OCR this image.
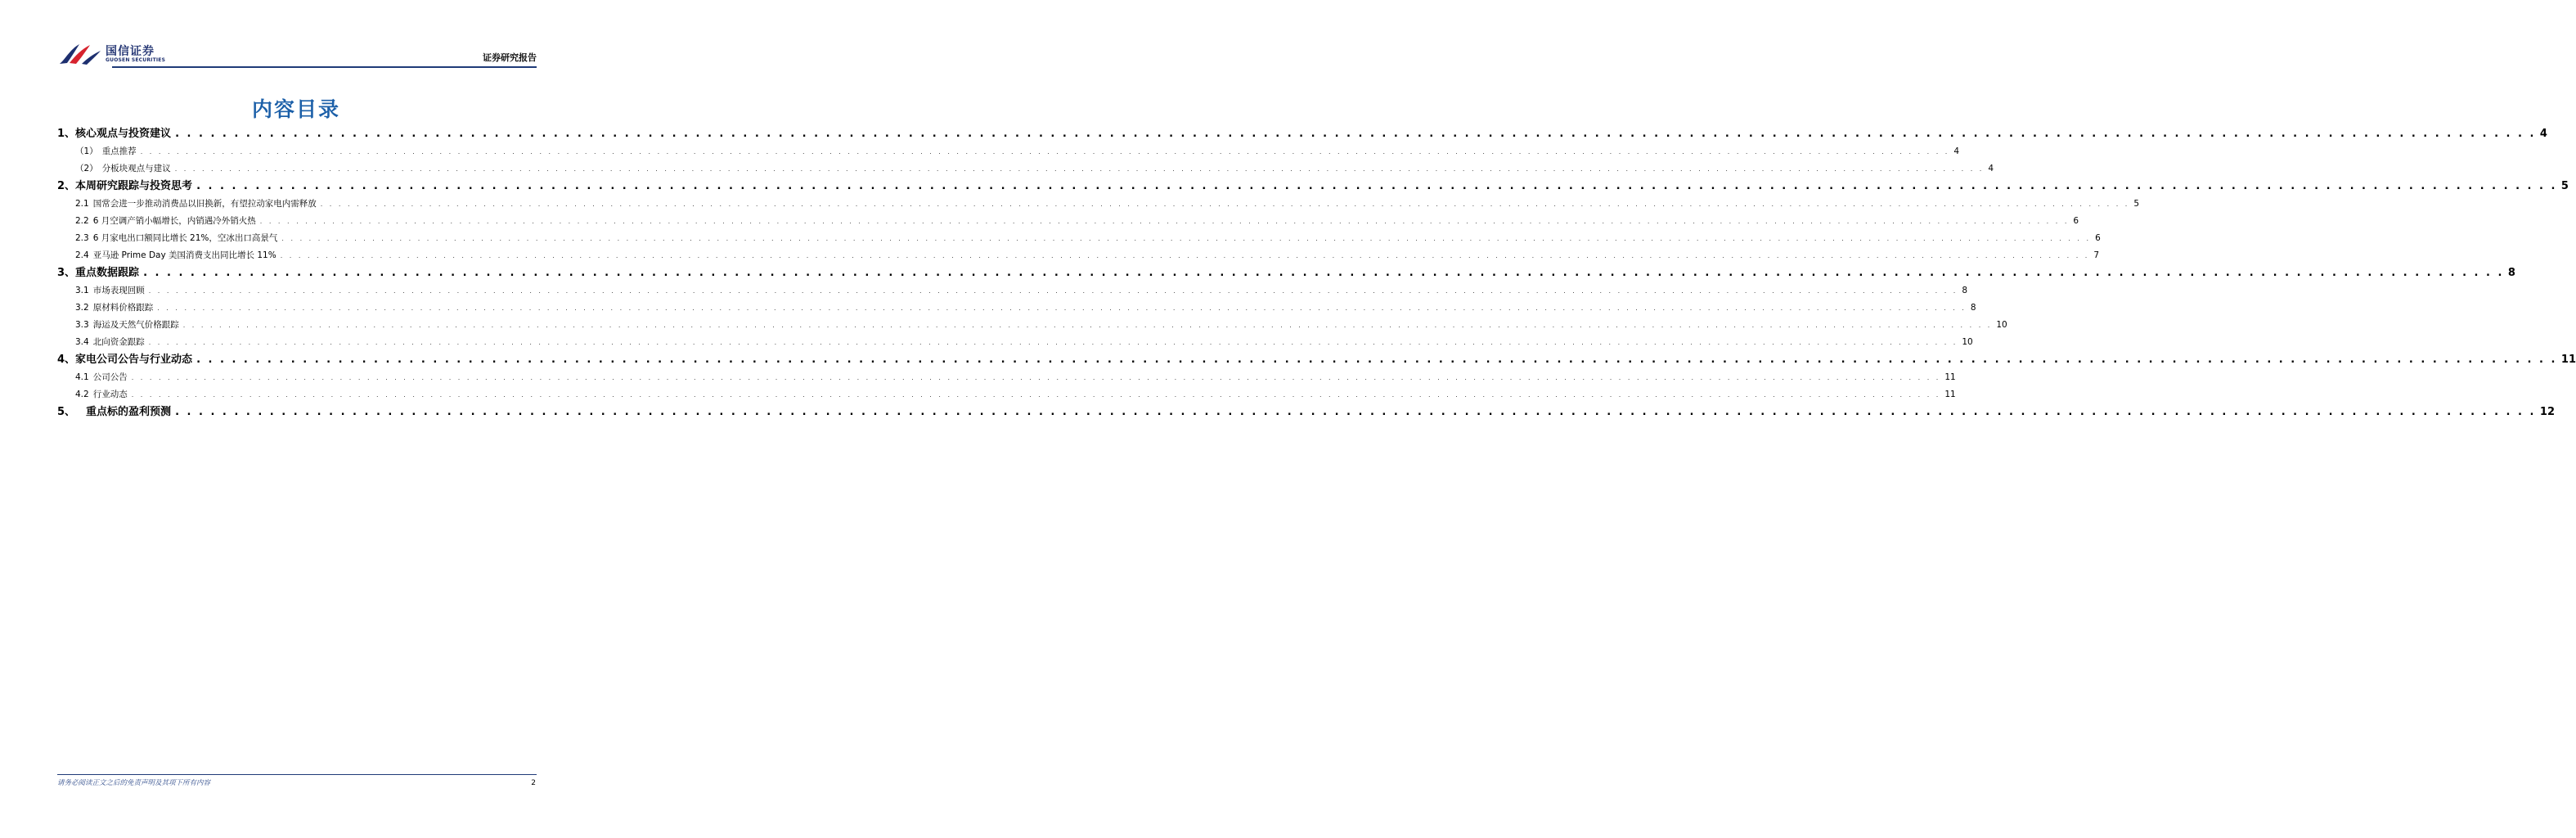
国信证券
GUOSEN SECURITIES	证券研究报告
内容目录
1、核心观点与投资建议 . . . . . . . . . . . . . . . . . . . . . . . . . . . . . . . . . . . . . . . . . . . . . . . . . . . . . . . . . . . . . . . . . . . . . . . . . . . . . . . . . . . . . . . . . . . . . . . . . . . . . . . . . . . . . . . . . . . . . . . . . . . . . . . . . . . . . . . . . . . . . . . . . . . . . . . . . . . . . . . . . . . . . . . . . . . . . . . . . . . . . . . . . . . . . . . . . . . . . . . . 4
（1） 重点推荐 . . . . . . . . . . . . . . . . . . . . . . . . . . . . . . . . . . . . . . . . . . . . . . . . . . . . . . . . . . . . . . . . . . . . . . . . . . . . . . . . . . . . . . . . . . . . . . . . . . . . . . . . . . . . . . . . . . . . . . . . . . . . . . . . . . . . . . . . . . . . . . . . . . . . . . . . . . . . . . . . . . . . . . . . . . . . . . . . . . . . . . . . . . . . . . . . . . . . . . . . 4
（2） 分板块观点与建议 . . . . . . . . . . . . . . . . . . . . . . . . . . . . . . . . . . . . . . . . . . . . . . . . . . . . . . . . . . . . . . . . . . . . . . . . . . . . . . . . . . . . . . . . . . . . . . . . . . . . . . . . . . . . . . . . . . . . . . . . . . . . . . . . . . . . . . . . . . . . . . . . . . . . . . . . . . . . . . . . . . . . . . . . . . . . . . . . . . . . . . . . . . . . . . . . . . . . . . . . 4
2、本周研究跟踪与投资思考 . . . . . . . . . . . . . . . . . . . . . . . . . . . . . . . . . . . . . . . . . . . . . . . . . . . . . . . . . . . . . . . . . . . . . . . . . . . . . . . . . . . . . . . . . . . . . . . . . . . . . . . . . . . . . . . . . . . . . . . . . . . . . . . . . . . . . . . . . . . . . . . . . . . . . . . . . . . . . . . . . . . . . . . . . . . . . . . . . . . . . . . . . . . . . . . . . . . . . . . . 5
2.1 国常会进一步推动消费品以旧换新，有望拉动家电内需释放 . . . . . . . . . . . . . . . . . . . . . . . . . . . . . . . . . . . . . . . . . . . . . . . . . . . . . . . . . . . . . . . . . . . . . . . . . . . . . . . . . . . . . . . . . . . . . . . . . . . . . . . . . . . . . . . . . . . . . . . . . . . . . . . . . . . . . . . . . . . . . . . . . . . . . . . . . . . . . . . . . . . . . . . . . . . . . . . . . . . . . . . . . . . . . . . . . . . . . . . . 5
2.2 6 月空调产销小幅增长，内销遇冷外销火热 . . . . . . . . . . . . . . . . . . . . . . . . . . . . . . . . . . . . . . . . . . . . . . . . . . . . . . . . . . . . . . . . . . . . . . . . . . . . . . . . . . . . . . . . . . . . . . . . . . . . . . . . . . . . . . . . . . . . . . . . . . . . . . . . . . . . . . . . . . . . . . . . . . . . . . . . . . . . . . . . . . . . . . . . . . . . . . . . . . . . . . . . . . . . . . . . . . . . . . . . 6
2.3 6 月家电出口额同比增长 21%，空冰出口高景气 . . . . . . . . . . . . . . . . . . . . . . . . . . . . . . . . . . . . . . . . . . . . . . . . . . . . . . . . . . . . . . . . . . . . . . . . . . . . . . . . . . . . . . . . . . . . . . . . . . . . . . . . . . . . . . . . . . . . . . . . . . . . . . . . . . . . . . . . . . . . . . . . . . . . . . . . . . . . . . . . . . . . . . . . . . . . . . . . . . . . . . . . . . . . . . . . . . . . . . . . 6
2.4 亚马逊 Prime Day 美国消费支出同比增长 11% . . . . . . . . . . . . . . . . . . . . . . . . . . . . . . . . . . . . . . . . . . . . . . . . . . . . . . . . . . . . . . . . . . . . . . . . . . . . . . . . . . . . . . . . . . . . . . . . . . . . . . . . . . . . . . . . . . . . . . . . . . . . . . . . . . . . . . . . . . . . . . . . . . . . . . . . . . . . . . . . . . . . . . . . . . . . . . . . . . . . . . . . . . . . . . . . . . . . . . . . 7
3、重点数据跟踪 . . . . . . . . . . . . . . . . . . . . . . . . . . . . . . . . . . . . . . . . . . . . . . . . . . . . . . . . . . . . . . . . . . . . . . . . . . . . . . . . . . . . . . . . . . . . . . . . . . . . . . . . . . . . . . . . . . . . . . . . . . . . . . . . . . . . . . . . . . . . . . . . . . . . . . . . . . . . . . . . . . . . . . . . . . . . . . . . . . . . . . . . . . . . . . . . . . . . . . . . 8
3.1 市场表现回顾 . . . . . . . . . . . . . . . . . . . . . . . . . . . . . . . . . . . . . . . . . . . . . . . . . . . . . . . . . . . . . . . . . . . . . . . . . . . . . . . . . . . . . . . . . . . . . . . . . . . . . . . . . . . . . . . . . . . . . . . . . . . . . . . . . . . . . . . . . . . . . . . . . . . . . . . . . . . . . . . . . . . . . . . . . . . . . . . . . . . . . . . . . . . . . . . . . . . . . . . . 8
3.2 原材料价格跟踪 . . . . . . . . . . . . . . . . . . . . . . . . . . . . . . . . . . . . . . . . . . . . . . . . . . . . . . . . . . . . . . . . . . . . . . . . . . . . . . . . . . . . . . . . . . . . . . . . . . . . . . . . . . . . . . . . . . . . . . . . . . . . . . . . . . . . . . . . . . . . . . . . . . . . . . . . . . . . . . . . . . . . . . . . . . . . . . . . . . . . . . . . . . . . . . . . . . . . . . . . 8
3.3 海运及天然气价格跟踪 . . . . . . . . . . . . . . . . . . . . . . . . . . . . . . . . . . . . . . . . . . . . . . . . . . . . . . . . . . . . . . . . . . . . . . . . . . . . . . . . . . . . . . . . . . . . . . . . . . . . . . . . . . . . . . . . . . . . . . . . . . . . . . . . . . . . . . . . . . . . . . . . . . . . . . . . . . . . . . . . . . . . . . . . . . . . . . . . . . . . . . . . . . . . . . . . . . . . . . . . 10
3.4 北向资金跟踪 . . . . . . . . . . . . . . . . . . . . . . . . . . . . . . . . . . . . . . . . . . . . . . . . . . . . . . . . . . . . . . . . . . . . . . . . . . . . . . . . . . . . . . . . . . . . . . . . . . . . . . . . . . . . . . . . . . . . . . . . . . . . . . . . . . . . . . . . . . . . . . . . . . . . . . . . . . . . . . . . . . . . . . . . . . . . . . . . . . . . . . . . . . . . . . . . . . . . . . . . 10
4、家电公司公告与行业动态 . . . . . . . . . . . . . . . . . . . . . . . . . . . . . . . . . . . . . . . . . . . . . . . . . . . . . . . . . . . . . . . . . . . . . . . . . . . . . . . . . . . . . . . . . . . . . . . . . . . . . . . . . . . . . . . . . . . . . . . . . . . . . . . . . . . . . . . . . . . . . . . . . . . . . . . . . . . . . . . . . . . . . . . . . . . . . . . . . . . . . . . . . . . . . . . . . . . . . . . . 11
4.1 公司公告 . . . . . . . . . . . . . . . . . . . . . . . . . . . . . . . . . . . . . . . . . . . . . . . . . . . . . . . . . . . . . . . . . . . . . . . . . . . . . . . . . . . . . . . . . . . . . . . . . . . . . . . . . . . . . . . . . . . . . . . . . . . . . . . . . . . . . . . . . . . . . . . . . . . . . . . . . . . . . . . . . . . . . . . . . . . . . . . . . . . . . . . . . . . . . . . . . . . . . . . . 11
4.2 行业动态 . . . . . . . . . . . . . . . . . . . . . . . . . . . . . . . . . . . . . . . . . . . . . . . . . . . . . . . . . . . . . . . . . . . . . . . . . . . . . . . . . . . . . . . . . . . . . . . . . . . . . . . . . . . . . . . . . . . . . . . . . . . . . . . . . . . . . . . . . . . . . . . . . . . . . . . . . . . . . . . . . . . . . . . . . . . . . . . . . . . . . . . . . . . . . . . . . . . . . . . . 11
5、　重点标的盈利预测 . . . . . . . . . . . . . . . . . . . . . . . . . . . . . . . . . . . . . . . . . . . . . . . . . . . . . . . . . . . . . . . . . . . . . . . . . . . . . . . . . . . . . . . . . . . . . . . . . . . . . . . . . . . . . . . . . . . . . . . . . . . . . . . . . . . . . . . . . . . . . . . . . . . . . . . . . . . . . . . . . . . . . . . . . . . . . . . . . . . . . . . . . . . . . . . . . . . . . . . . 12
请务必阅读正文之后的免责声明及其项下所有内容	2
